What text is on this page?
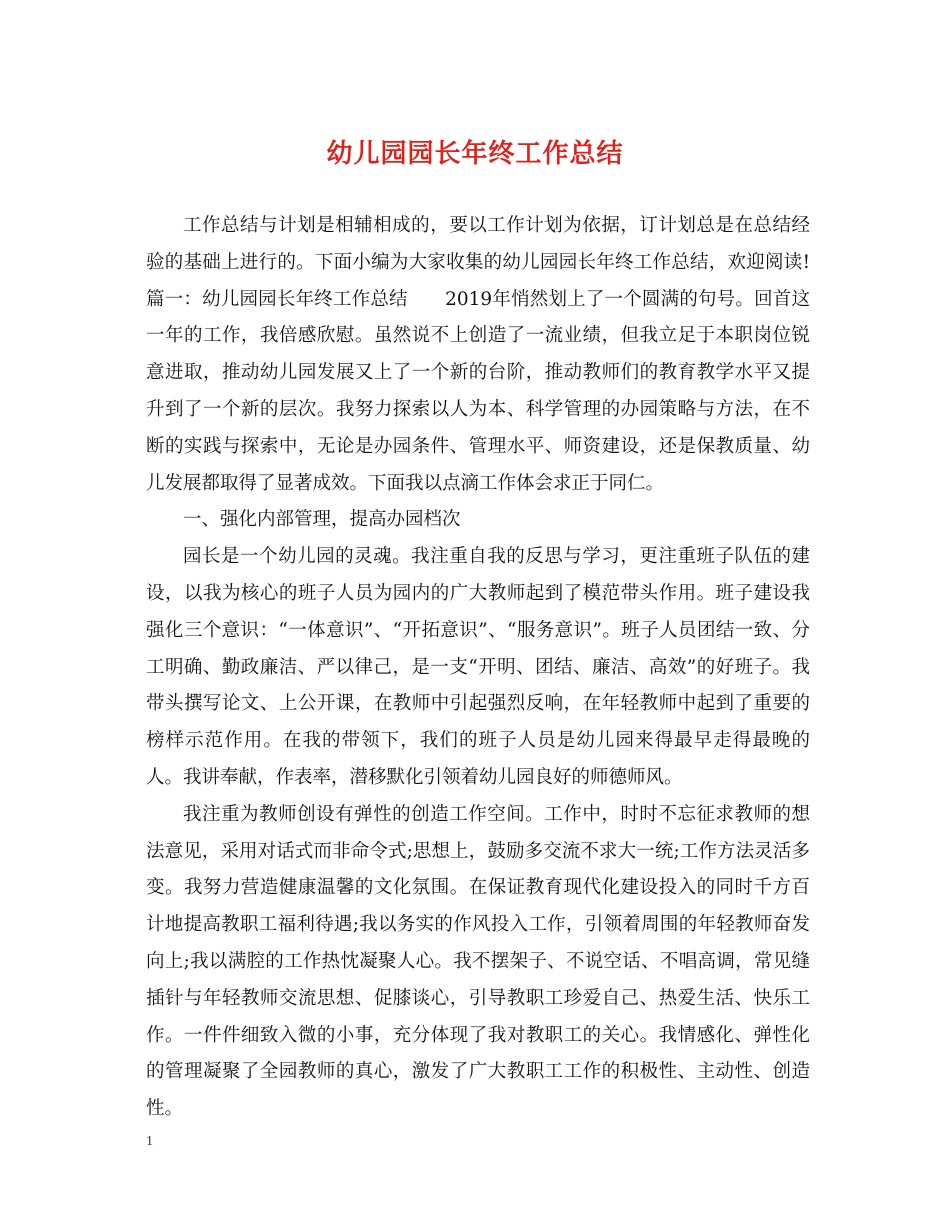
幼儿园园长年终工作总结

工作总结与计划是相辅相成的，要以工作计划为依据，订计划总是在总结经验的基础上进行的。下面小编为大家收集的幼儿园园长年终工作总结，欢迎阅读!篇一：幼儿园园长年终工作总结　　2019年悄然划上了一个圆满的句号。回首这一年的工作，我倍感欣慰。虽然说不上创造了一流业绩，但我立足于本职岗位锐意进取，推动幼儿园发展又上了一个新的台阶，推动教师们的教育教学水平又提升到了一个新的层次。我努力探索以人为本、科学管理的办园策略与方法，在不断的实践与探索中，无论是办园条件、管理水平、师资建设，还是保教质量、幼儿发展都取得了显著成效。下面我以点滴工作体会求正于同仁。

一、强化内部管理，提高办园档次

园长是一个幼儿园的灵魂。我注重自我的反思与学习，更注重班子队伍的建设，以我为核心的班子人员为园内的广大教师起到了模范带头作用。班子建设我强化三个意识：“一体意识”、“开拓意识”、“服务意识”。班子人员团结一致、分工明确、勤政廉洁、严以律己，是一支“开明、团结、廉洁、高效”的好班子。我带头撰写论文、上公开课，在教师中引起强烈反响，在年轻教师中起到了重要的榜样示范作用。在我的带领下，我们的班子人员是幼儿园来得最早走得最晚的人。我讲奉献，作表率，潜移默化引领着幼儿园良好的师德师风。

我注重为教师创设有弹性的创造工作空间。工作中，时时不忘征求教师的想法意见，采用对话式而非命令式;思想上，鼓励多交流不求大一统;工作方法灵活多变。我努力营造健康温馨的文化氛围。在保证教育现代化建设投入的同时千方百计地提高教职工福利待遇;我以务实的作风投入工作，引领着周围的年轻教师奋发向上;我以满腔的工作热忱凝聚人心。我不摆架子、不说空话、不唱高调，常见缝插针与年轻教师交流思想、促膝谈心，引导教职工珍爱自己、热爱生活、快乐工作。一件件细致入微的小事，充分体现了我对教职工的关心。我情感化、弹性化的管理凝聚了全园教师的真心，激发了广大教职工工作的积极性、主动性、创造性。

1
